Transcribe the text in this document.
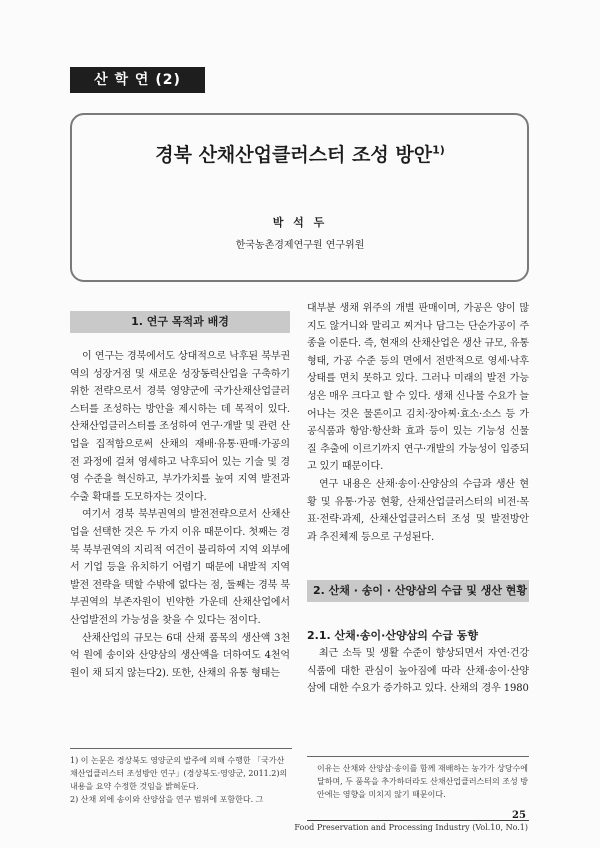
산 학 연 (2)
경북 산채산업클러스터 조성 방안$^{1)}$
박 석 두
한국농촌경제연구원 연구위원
1. 연구 목적과 배경

이 연구는 경북에서도 상대적으로 낙후된 북부권역의 성장거점 및 새로운 성장동력산업을 구축하기 위한 전략으로서 경북 영양군에 국가산채산업클러스터를 조성하는 방안을 제시하는 데 목적이 있다. 산채산업클러스터를 조성하여 연구·개발 및 관련 산업을 집적함으로써 산채의 재배·유통·판매·가공의 전 과정에 걸쳐 영세하고 낙후되어 있는 기술 및 경영 수준을 혁신하고, 부가가치를 높여 지역 발전과 수출 확대를 도모하자는 것이다.

여기서 경북 북부권역의 발전전략으로서 산채산업을 선택한 것은 두 가지 이유 때문이다. 첫째는 경북 북부권역의 지리적 여건이 불리하여 지역 외부에서 기업 등을 유치하기 어렵기 때문에 내발적 지역발전 전략을 택할 수밖에 없다는 점, 둘째는 경북 북부권역의 부존자원이 빈약한 가운데 산채산업에서 산업발전의 가능성을 찾을 수 있다는 점이다.

산채산업의 규모는 6대 산채 품목의 생산액 3천억 원에 송이와 산양삼의 생산액을 더하여도 4천억 원이 채 되지 않는다2). 또한, 산채의 유통 형태는

대부분 생채 위주의 개별 판매이며, 가공은 양이 많지도 않거니와 말리고 찌거나 담그는 단순가공이 주종을 이룬다. 즉, 현재의 산채산업은 생산 규모, 유통 형태, 가공 수준 등의 면에서 전반적으로 영세·낙후 상태를 면치 못하고 있다. 그러나 미래의 발전 가능성은 매우 크다고 할 수 있다. 생채 신나물 수요가 늘어나는 것은 물론이고 김치·장아찌·효소·소스 등 가공식품과 항암·항산화 효과 등이 있는 기능성 신물질 추출에 이르기까지 연구·개발의 가능성이 입증되고 있기 때문이다.

연구 내용은 산채·송이·산양삼의 수급과 생산 현황 및 유통·가공 현황, 산채산업클러스터의 비전·목표·전략·과제, 산채산업클러스터 조성 및 발전방안과 추진체제 등으로 구성된다.

2. 산채 · 송이 · 산양삼의 수급 및 생산 현황
2.1. 산채·송이·산양삼의 수급 동향

최근 소득 및 생활 수준이 향상되면서 자연·건강식품에 대한 관심이 높아짐에 따라 산채·송이·산양삼에 대한 수요가 증가하고 있다. 산채의 경우 1980

1) 이 논문은 경상북도 영양군의 발주에 의해 수행한 「국가산채산업클러스터 조성방안 연구」(경상북도·영양군, 2011.2)의 내용을 요약 수정한 것임을 밝혀둔다.
2) 산채 외에 송이와 산양삼을 연구 범위에 포함한다. 그
이유는 산채와 산양삼·송이를 함께 재배하는 농가가 상당수에 달하며, 두 품목을 추가하더라도 산채산업클러스터의 조성 방안에는 영향을 미치지 않기 때문이다.
25
Food Preservation and Processing Industry (Vol.10, No.1)
